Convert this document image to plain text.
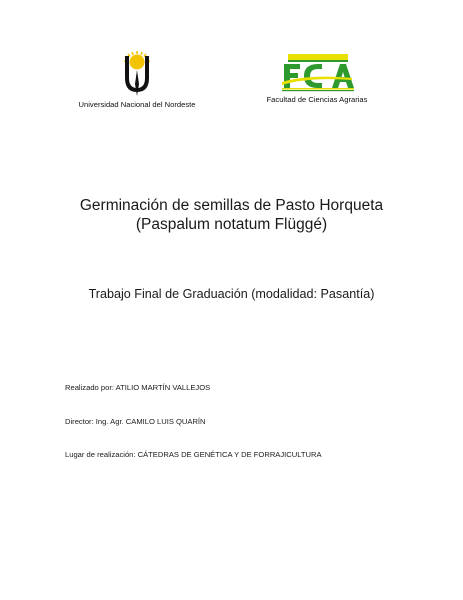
Universidad Nacional del Nordeste
Facultad de Ciencias Agrarias
Germinación de semillas de Pasto Horqueta
(Paspalum notatum Flüggé)
Trabajo Final de Graduación (modalidad: Pasantía)
Realizado por: ATILIO MARTÍN VALLEJOS
Director: Ing. Agr. CAMILO LUIS QUARÍN
Lugar de realización: CÁTEDRAS DE GENÉTICA Y DE FORRAJICULTURA
